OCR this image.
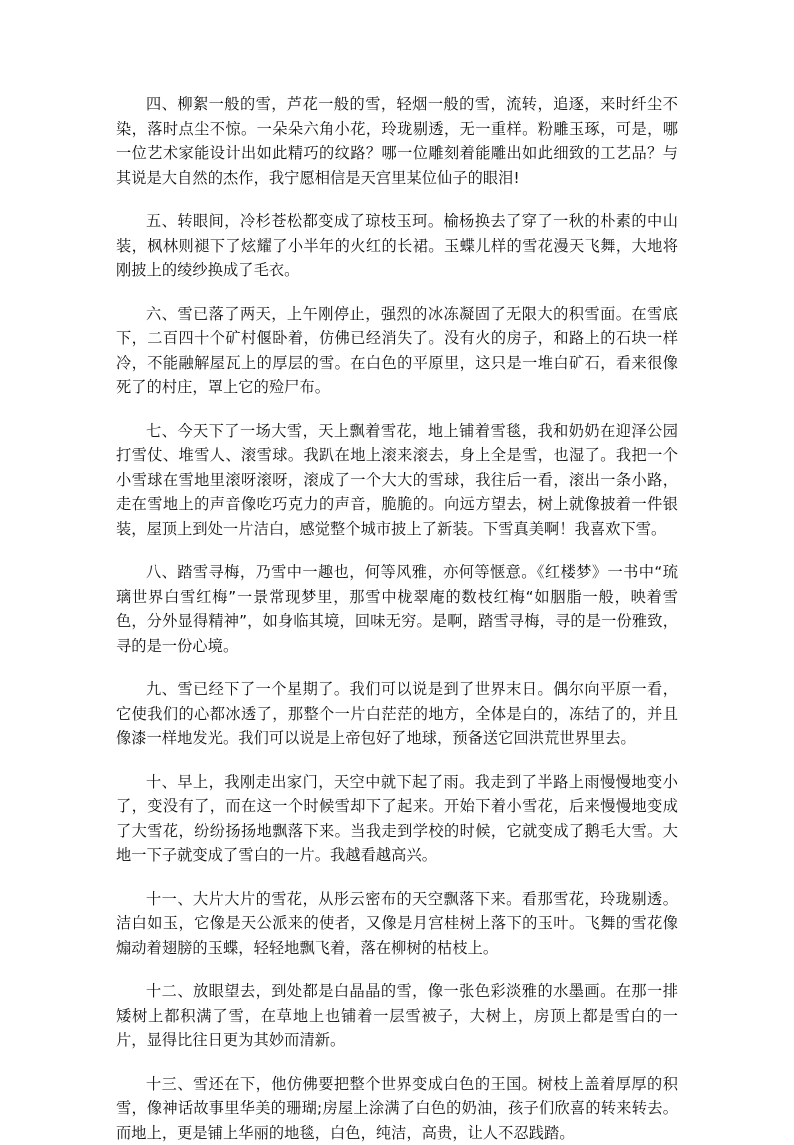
四、柳絮一般的雪，芦花一般的雪，轻烟一般的雪，流转，追逐，来时纤尘不染，落时点尘不惊。一朵朵六角小花，玲珑剔透，无一重样。粉雕玉琢，可是，哪一位艺术家能设计出如此精巧的纹路？哪一位雕刻着能雕出如此细致的工艺品？与其说是大自然的杰作，我宁愿相信是天宫里某位仙子的眼泪!

五、转眼间，冷杉苍松都变成了琼枝玉珂。榆杨换去了穿了一秋的朴素的中山装，枫林则褪下了炫耀了小半年的火红的长裙。玉蝶儿样的雪花漫天飞舞，大地将刚披上的绫纱换成了毛衣。

六、雪已落了两天，上午刚停止，强烈的冰冻凝固了无限大的积雪面。在雪底下，二百四十个矿村偃卧着，仿佛已经消失了。没有火的房子，和路上的石块一样冷，不能融解屋瓦上的厚层的雪。在白色的平原里，这只是一堆白矿石，看来很像死了的村庄，罩上它的殓尸布。

七、今天下了一场大雪，天上飘着雪花，地上铺着雪毯，我和奶奶在迎泽公园打雪仗、堆雪人、滚雪球。我趴在地上滚来滚去，身上全是雪，也湿了。我把一个小雪球在雪地里滚呀滚呀，滚成了一个大大的雪球，我往后一看，滚出一条小路，走在雪地上的声音像吃巧克力的声音，脆脆的。向远方望去，树上就像披着一件银装，屋顶上到处一片洁白，感觉整个城市披上了新装。下雪真美啊！我喜欢下雪。

八、踏雪寻梅，乃雪中一趣也，何等风雅，亦何等惬意。《红楼梦》一书中“琉璃世界白雪红梅”一景常现梦里，那雪中栊翠庵的数枝红梅“如胭脂一般，映着雪色，分外显得精神”，如身临其境，回味无穷。是啊，踏雪寻梅，寻的是一份雅致，寻的是一份心境。

九、雪已经下了一个星期了。我们可以说是到了世界末日。偶尔向平原一看，它使我们的心都冰透了，那整个一片白茫茫的地方，全体是白的，冻结了的，并且像漆一样地发光。我们可以说是上帝包好了地球，预备送它回洪荒世界里去。

十、早上，我刚走出家门，天空中就下起了雨。我走到了半路上雨慢慢地变小了，变没有了，而在这一个时候雪却下了起来。开始下着小雪花，后来慢慢地变成了大雪花，纷纷扬扬地飘落下来。当我走到学校的时候，它就变成了鹅毛大雪。大地一下子就变成了雪白的一片。我越看越高兴。

十一、大片大片的雪花，从彤云密布的天空飘落下来。看那雪花，玲珑剔透。洁白如玉，它像是天公派来的使者，又像是月宫桂树上落下的玉叶。飞舞的雪花像煽动着翅膀的玉蝶，轻轻地飘飞着，落在柳树的枯枝上。

十二、放眼望去，到处都是白晶晶的雪，像一张色彩淡雅的水墨画。在那一排矮树上都积满了雪，在草地上也铺着一层雪被子，大树上，房顶上都是雪白的一片，显得比往日更为其妙而清新。

十三、雪还在下，他仿佛要把整个世界变成白色的王国。树枝上盖着厚厚的积雪，像神话故事里华美的珊瑚;房屋上涂满了白色的奶油，孩子们欣喜的转来转去。而地上，更是铺上华丽的地毯，白色，纯洁，高贵，让人不忍践踏。
